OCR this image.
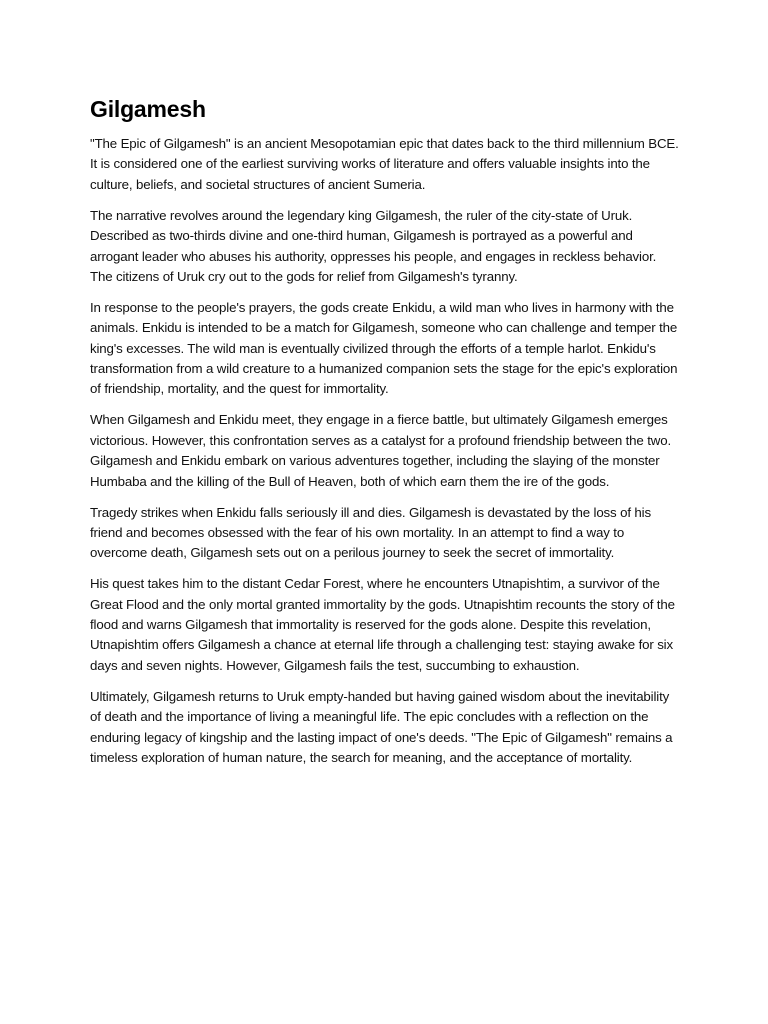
Gilgamesh

"The Epic of Gilgamesh" is an ancient Mesopotamian epic that dates back to the third millennium BCE. It is considered one of the earliest surviving works of literature and offers valuable insights into the culture, beliefs, and societal structures of ancient Sumeria.

The narrative revolves around the legendary king Gilgamesh, the ruler of the city-state of Uruk. Described as two-thirds divine and one-third human, Gilgamesh is portrayed as a powerful and arrogant leader who abuses his authority, oppresses his people, and engages in reckless behavior. The citizens of Uruk cry out to the gods for relief from Gilgamesh's tyranny.

In response to the people's prayers, the gods create Enkidu, a wild man who lives in harmony with the animals. Enkidu is intended to be a match for Gilgamesh, someone who can challenge and temper the king's excesses. The wild man is eventually civilized through the efforts of a temple harlot. Enkidu's transformation from a wild creature to a humanized companion sets the stage for the epic's exploration of friendship, mortality, and the quest for immortality.

When Gilgamesh and Enkidu meet, they engage in a fierce battle, but ultimately Gilgamesh emerges victorious. However, this confrontation serves as a catalyst for a profound friendship between the two. Gilgamesh and Enkidu embark on various adventures together, including the slaying of the monster Humbaba and the killing of the Bull of Heaven, both of which earn them the ire of the gods.

Tragedy strikes when Enkidu falls seriously ill and dies. Gilgamesh is devastated by the loss of his friend and becomes obsessed with the fear of his own mortality. In an attempt to find a way to overcome death, Gilgamesh sets out on a perilous journey to seek the secret of immortality.

His quest takes him to the distant Cedar Forest, where he encounters Utnapishtim, a survivor of the Great Flood and the only mortal granted immortality by the gods. Utnapishtim recounts the story of the flood and warns Gilgamesh that immortality is reserved for the gods alone. Despite this revelation, Utnapishtim offers Gilgamesh a chance at eternal life through a challenging test: staying awake for six days and seven nights. However, Gilgamesh fails the test, succumbing to exhaustion.

Ultimately, Gilgamesh returns to Uruk empty-handed but having gained wisdom about the inevitability of death and the importance of living a meaningful life. The epic concludes with a reflection on the enduring legacy of kingship and the lasting impact of one's deeds. "The Epic of Gilgamesh" remains a timeless exploration of human nature, the search for meaning, and the acceptance of mortality.
